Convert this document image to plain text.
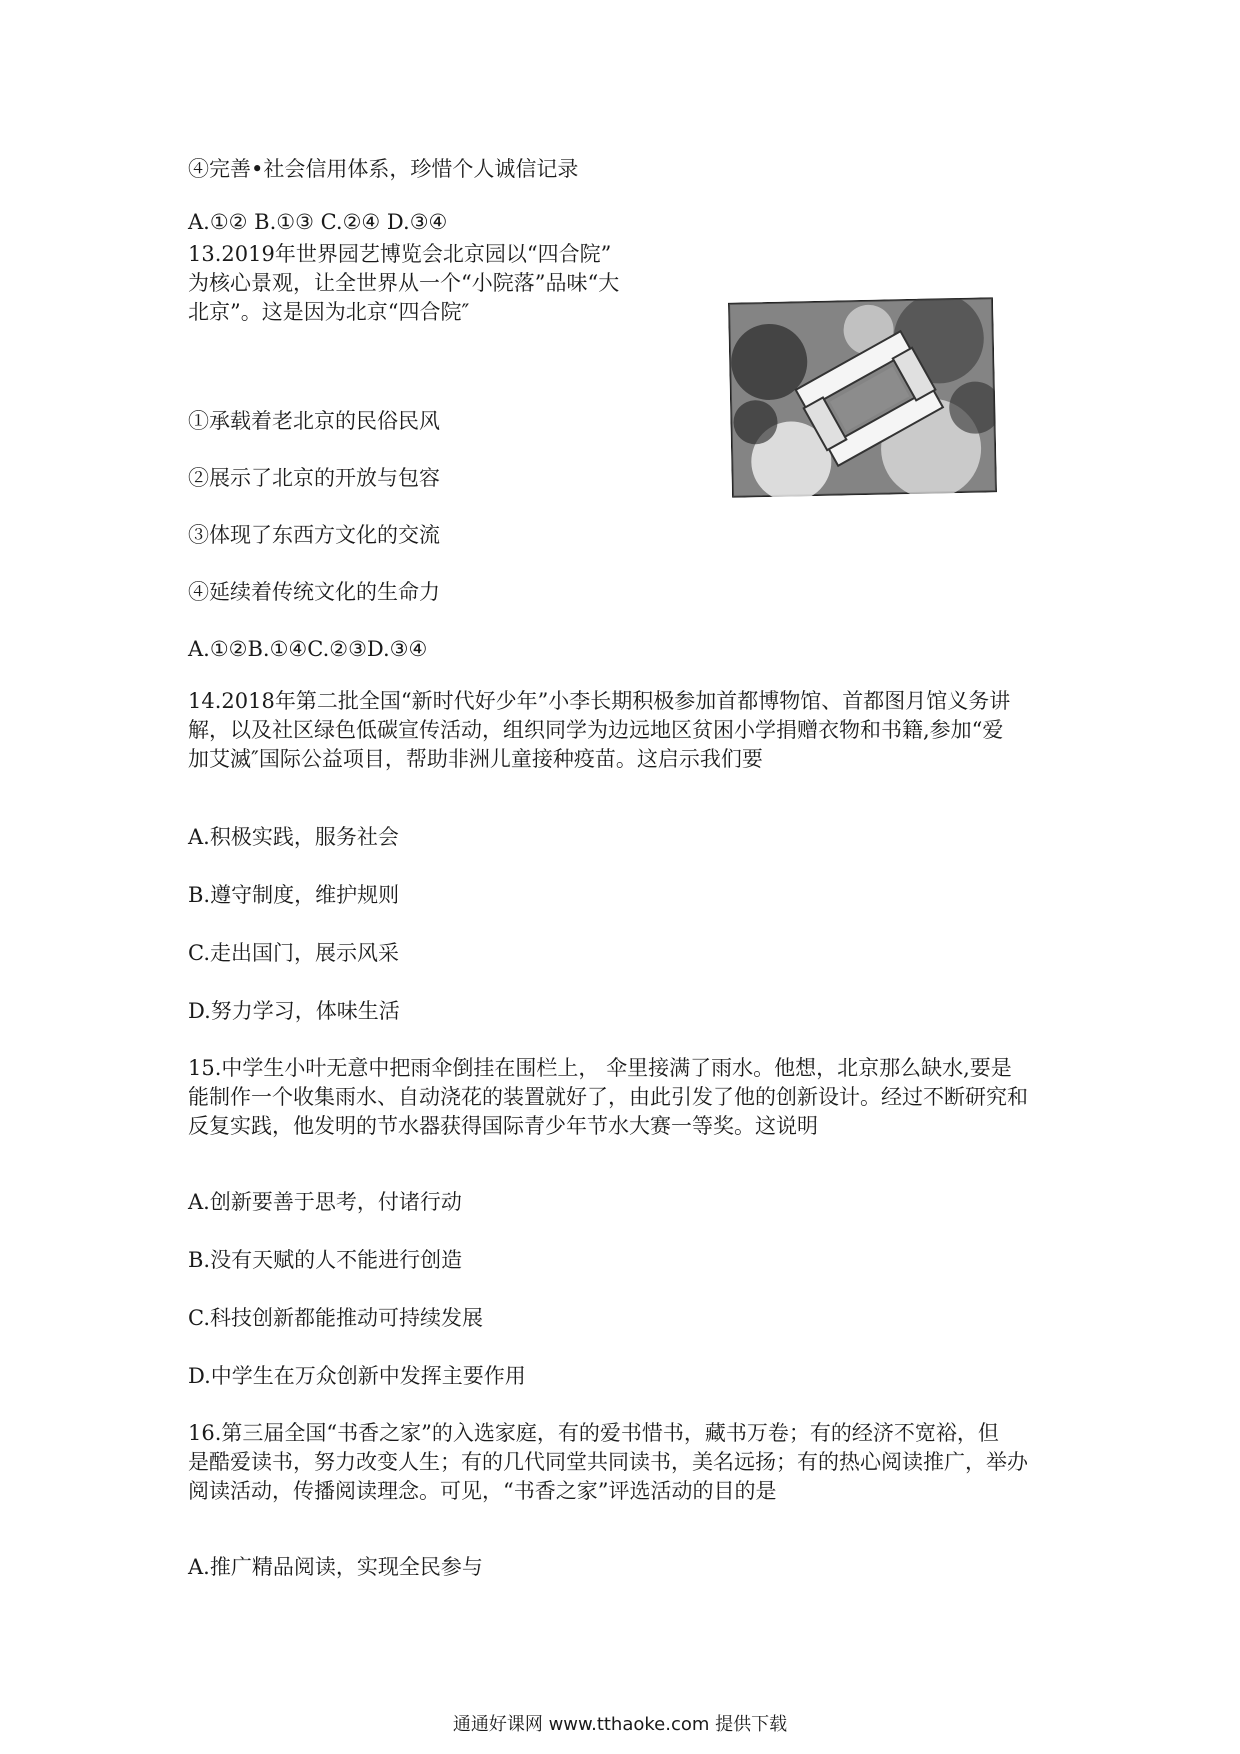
④完善•社会信用体系，珍惜个人诚信记录
A.①② B.①③ C.②④ D.③④
13.2019年世界园艺博览会北京园以“四合院”
为核心景观，让全世界从一个“小院落”品味“大
北京”。这是因为北京“四合院″
①承载着老北京的民俗民风
②展示了北京的开放与包容
③体现了东西方文化的交流
④延续着传统文化的生命力
A.①②B.①④C.②③D.③④
14.2018年第二批全国“新时代好少年”小李长期积极参加首都博物馆、首都图月馆义务讲
解，以及社区绿色低碳宣传活动，组织同学为边远地区贫困小学捐赠衣物和书籍,参加“爱
加艾滅″国际公益项目，帮助非洲儿童接种疫苗。这启示我们要
A.积极实践，服务社会
B.遵守制度，维护规则
C.走出国门，展示风采
D.努力学习，体味生活
15.中学生小叶无意中把雨伞倒挂在围栏上， 伞里接满了雨水。他想，北京那么缺水,要是
能制作一个收集雨水、自动浇花的装置就好了，由此引发了他的创新设计。经过不断研究和
反复实践，他发明的节水器获得国际青少年节水大赛一等奖。这说明
A.创新要善于思考，付诸行动
B.没有天赋的人不能进行创造
C.科技创新都能推动可持续发展
D.中学生在万众创新中发挥主要作用
16.第三届全国“书香之家”的入选家庭，有的爱书惜书，藏书万卷；有的经济不宽裕，但
是酷爱读书，努力改变人生；有的几代同堂共同读书，美名远扬；有的热心阅读推广，举办
阅读活动，传播阅读理念。可见，“书香之家”评选活动的目的是
A.推广精品阅读，实现全民参与
通通好课网 www.tthaoke.com 提供下载
